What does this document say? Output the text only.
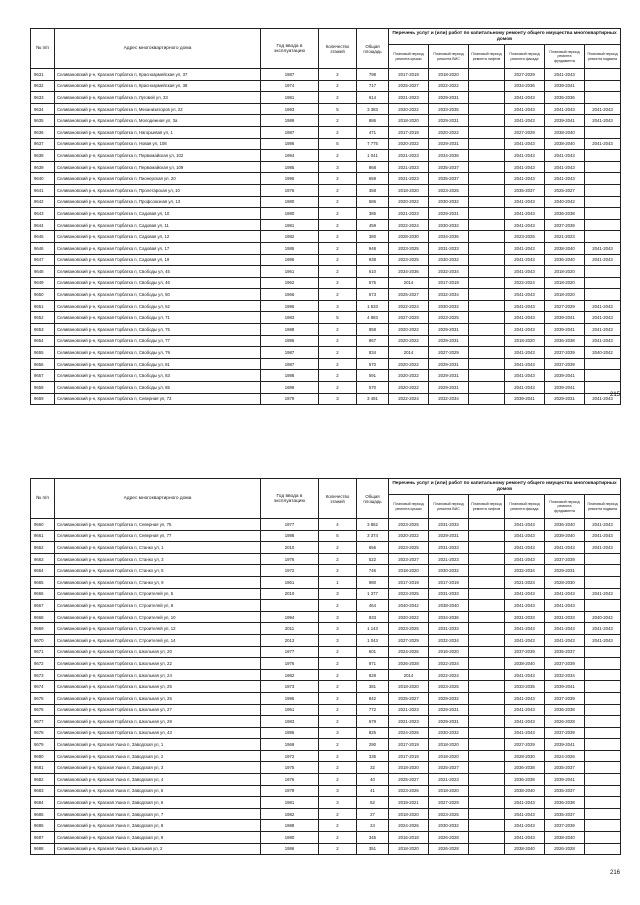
№ п/п	Адрес многоквартирного дома	Год ввода в эксплуатацию	Количество этажей	Общая площадь	Перечень услуг и (или) работ по капитальному ремонту общего имущества многоквартирных домов					
					Плановый период ремонта крыши	Плановый период ремонта ВИС	Плановый период ремонта лифтов	Плановый период ремонта фасада	Плановый период ремонта фундамента	Плановый период ремонта подвала
9631	Селивановский р-н, Красная Горбатка п, Красноармейская ул, 37	1987	2	798	2017-2019	2018-2020		2027-2029	2041-2043	
9632	Селивановский р-н, Красная Горбатка п, Красноармейская ул, 38	1974	2	717	2025-2027	2022-2022		2034-2036	2039-2041	
9633	Селивановский р-н, Красная Горбатка п, Луговой ул, 33	1981	2	614	2021-2023	2029-2031		2041-2043	2035-2036	
9634	Селивановский р-н, Красная Горбатка п, Механизаторов ул, 22	1993	5	3 383	2020-2022	2033-2035		2041-2043	2041-2043	2041-2043
9635	Селивановский р-н, Красная Горбатка п, Молодежная ул, 3а	1989	2	886	2018-2020	2029-2031		2041-2043	2039-2041	2041-2043
9636	Селивановский р-н, Красная Горбатка п, Нагорьевая ул, 1	1987	2	471	2017-2019	2020-2022		2027-2029	2038-2040	
9637	Селивановский р-н, Красная Горбатка п, Новая ул, 108	1986	5	7 775	2020-2022	2029-2031		2041-2043	2038-2040	2041-2043
9638	Селивановский р-н, Красная Горбатка п, Первомайская ул, 102	1994	2	1 041	2021-2023	2034-2036		2041-2043	2041-2043	
9639	Селивановский р-н, Красная Горбатка п, Первомайская ул, 109	1985	3	868	2021-2023	2035-2037		2041-2043	2041-2043	
9640	Селивановский р-н, Красная Горбатка п, Пионерская ул, 20	1995	2	659	2021-2023	2035-2037		2041-2043	2041-2043	
9641	Селивановский р-н, Красная Горбатка п, Пролетарская ул, 10	1976	2	358	2018-2020	2023-2025		2035-2037	2025-2027	
9642	Селивановский р-н, Красная Горбатка п, Профсоюзная ул, 13	1980	2	586	2020-2022	2030-2032		2041-2043	2040-2042	
9643	Селивановский р-н, Красная Горбатка п, Садовая ул, 10	1980	2	386	2021-2023	2029-2031		2041-2043	2036-2038	
9644	Селивановский р-н, Красная Горбатка п, Садовая ул, 11	1981	2	459	2022-2024	2030-2032		2041-2043	2037-2039	
9645	Селивановский р-н, Красная Горбатка п, Садовая ул, 12	1982	2	380	2028-2030	2034-2036		2023-2025	2021-2023	
9646	Селивановский р-н, Красная Горбатка п, Садовая ул, 17	1985	2	948	2023-2025	2031-2033		2041-2043	2038-2040	2041-2043
9647	Селивановский р-н, Красная Горбатка п, Садовая ул, 19	1986	2	938	2023-2025	2030-2032		2041-2043	2036-2040	2041-2043
9648	Селивановский р-н, Красная Горбатка п, Свободы ул, 45	1961	2	610	2034-2036	2032-2034		2041-2043	2018-2020	
9649	Селивановский р-н, Красная Горбатка п, Свободы ул, 46	1962	2	575	2014	2017-2019		2022-2024	2018-2020	
9650	Селивановский р-н, Красная Горбатка п, Свободы ул, 50	1966	2	573	2025-2027	2032-2034		2041-2043	2018-2020	
9651	Селивановский р-н, Красная Горбатка п, Свободы ул, 52	1986	3	1 533	2022-2024	2030-2032		2041-2043	2027-2029	2041-2043
9652	Селивановский р-н, Красная Горбатка п, Свободы ул, 71	1983	5	4 883	2027-2029	2023-2025		2041-2043	2039-2041	2041-2043
9653	Селивановский р-н, Красная Горбатка п, Свободы ул, 75	1988	2	858	2020-2022	2029-2031		2041-2043	2039-2041	2041-2043
9654	Селивановский р-н, Красная Горбатка п, Свободы ул, 77	1986	2	867	2020-2022	2029-2031		2018-2020	2036-2038	2041-2043
9655	Селивановский р-н, Красная Горбатка п, Свободы ул, 79	1987	2	834	2014	2027-2029		2041-2043	2037-2039	2040-2042
9656	Селивановский р-н, Красная Горбатка п, Свободы ул, 81	1987	2	570	2020-2022	2029-2031		2041-2043	2037-2039	
9657	Селивановский р-н, Красная Горбатка п, Свободы ул, 83	1988	2	591	2020-2022	2029-2031		2041-2043	2039-2041	
9658	Селивановский р-н, Красная Горбатка п, Свободы ул, 85	1989	2	570	2020-2022	2029-2031		2041-2043	2039-2041	
9659	Селивановский р-н, Красная Горбатка п, Северная ул, 73	1979	3	3 481	2022-2024	2032-2034		2039-2041	2029-2031	2041-2043
215
№ п/п	Адрес многоквартирного дома	Год ввода в эксплуатацию	Количество этажей	Общая площадь	Перечень услуг и (или) работ по капитальному ремонту общего имущества многоквартирных домов					
					Плановый период ремонта крыши	Плановый период ремонта ВИС	Плановый период ремонта лифтов	Плановый период ремонта фасада	Плановый период ремонта фундамента	Плановый период ремонта подвала
9660	Селивановский р-н, Красная Горбатка п, Северная ул, 75	1977	4	3 862	2023-2025	2031-2033		2041-2043	2036-2040	2041-2043
9661	Селивановский р-н, Красная Горбатка п, Северная ул, 77	1988	5	3 374	2020-2022	2029-2031		2041-2043	2039-2040	2041-2043
9662	Селивановский р-н, Красная Горбатка п, Станко ул, 1	2010	2	656	2023-2025	2031-2033		2041-2043	2041-2043	2041-2043
9663	Селивановский р-н, Красная Горбатка п, Станко ул, 3	1976	2	522	2023-2027	2021-2023		2041-2043	2037-2039	
9664	Селивановский р-н, Красная Горбатка п, Станко ул, 5	1972	2	746	2018-2020	2030-2032		2032-2034	2029-2031	
9665	Селивановский р-н, Красная Горбатка п, Станко ул, 9	1961	1	980	2017-2019	2017-2019		2021-2023	2028-2030	
9666	Селивановский р-н, Красная Горбатка п, Строителей ул, 5	2010	3	1 377	2023-2025	2031-2033		2041-2043	2041-2043	2041-2043
9667	Селивановский р-н, Красная Горбатка п, Строителей ул, 8		2	464	2040-2042	2038-2040		2041-2043	2041-2043	
9668	Селивановский р-н, Красная Горбатка п, Строителей ул, 10	1994	3	833	2020-2022	2034-2036		2031-2033	2031-2033	2040-2042
9669	Селивановский р-н, Красная Горбатка п, Строителей ул, 12	2011	3	1 143	2023-2025	2031-2033		2041-2043	2041-2043	2041-2043
9670	Селивановский р-н, Красная Горбатка п, Строителей ул, 14	2013	3	1 043	2027-2029	2032-2034		2041-2043	2041-2043	2041-2043
9671	Селивановский р-н, Красная Горбатка п, Школьная ул, 20	1977	2	601	2024-2026	2016-2020		2037-2039	2035-2037	
9672	Селивановский р-н, Красная Горбатка п, Школьная ул, 22	1976	2	871	2026-2028	2022-2024		2038-2040	2037-2039	
9673	Селивановский р-н, Красная Горбатка п, Школьная ул, 24	1982	2	828	2014	2022-2024		2041-2043	2032-2034	
9674	Селивановский р-н, Красная Горбатка п, Школьная ул, 25	1973	2	381	2018-2020	2023-2025		2033-2035	2039-2041	
9675	Селивановский р-н, Красная Горбатка п, Школьная ул, 26	1986	2	842	2025-2027	2029-2032		2041-2043	2037-2039	
9676	Селивановский р-н, Красная Горбатка п, Школьная ул, 27	1951	2	772	2021-2023	2029-2031		2041-2043	2036-2038	
9677	Селивановский р-н, Красная Горбатка п, Школьная ул, 29	1983	2	679	2021-2023	2029-2031		2041-2043	2026-2028	
9678	Селивановский р-н, Красная Горбатка п, Школьная ул, 43	1986	3	825	2024-2026	2030-2032		2041-2043	2037-2039	
9679	Селивановский р-н, Красная Ушна п, Заводская ул, 1	1969	2	290	2017-2019	2018-2020		2027-2029	2039-2041	
9680	Селивановский р-н, Красная Ушна п, Заводская ул, 2	1972	2	335	2017-2019	2018-2020		2028-2030	2024-2026	
9681	Селивановский р-н, Красная Ушна п, Заводская ул, 3	1975	2	32	2018-2020	2025-2027		2036-2038	2035-2037	
9682	Селивановский р-н, Красная Ушна п, Заводская ул, 4	1976	2	40	2025-2027	2021-2023		2036-2038	2039-2041	
9683	Селивановский р-н, Красная Ушна п, Заводская ул, 5	1978	3	41	2023-2026	2018-2020		2038-2040	2035-2037	
9684	Селивановский р-н, Красная Ушна п, Заводская ул, 6	1981	3	52	2019-2021	2027-2029		2041-2043	2036-2038	
9685	Селивановский р-н, Красная Ушна п, Заводская ул, 7	1982	2	27	2018-2020	2023-2025		2041-2043	2035-2037	
9686	Селивановский р-н, Красная Ушна п, Заводская ул, 8	1988	2	24	2024-2026	2030-2032		2041-2043	2037-2039	
9687	Селивановский р-н, Красная Ушна п, Заводская ул, 9	1980	2	345	2016-2018	2026-2028		2041-2043	2038-2040	
9688	Селивановский р-н, Красная Ушна п, Школьная ул, 2	1986	2	351	2018-2020	2026-2028		2038-2040	2026-2028	
216
